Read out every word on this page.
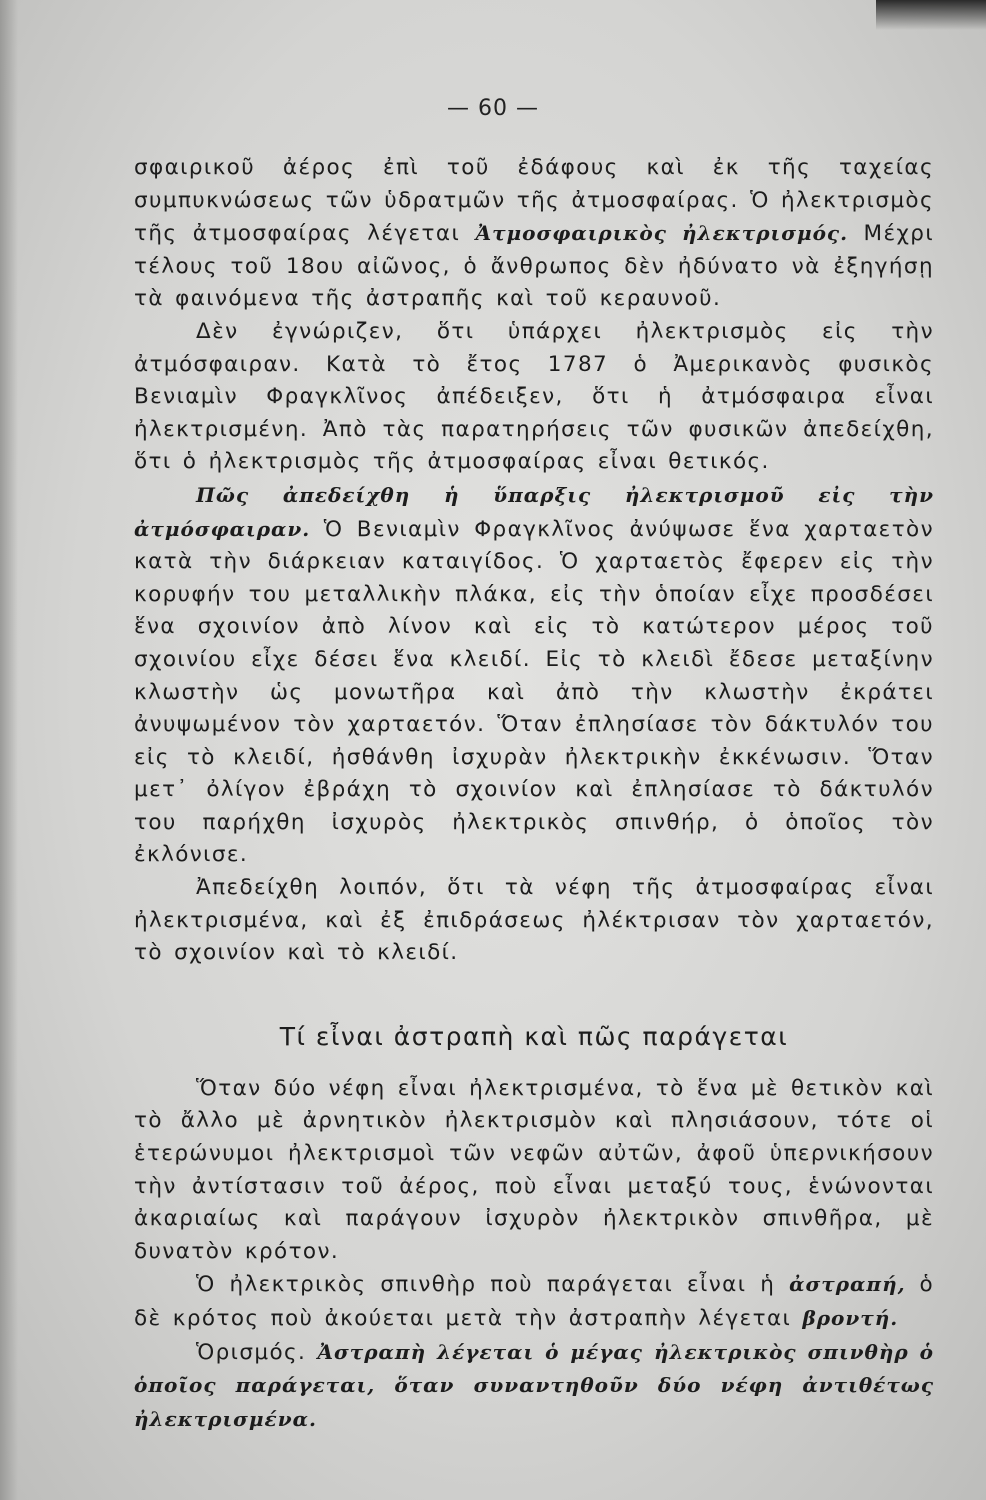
— 60 —

σφαιρικοῦ ἀέρος ἐπὶ τοῦ ἐδάφους καὶ ἐκ τῆς ταχείας συμπυκνώσεως τῶν ὑδρατμῶν τῆς ἀτμοσφαίρας. Ὁ ἠλεκτρισμὸς τῆς ἀτμοσφαίρας λέγεται Ἀτμοσφαιρικὸς ἠλεκτρισμός. Μέχρι τέλους τοῦ 18ου αἰῶνος, ὁ ἄνθρωπος δὲν ἠδύνατο νὰ ἐξηγήσῃ τὰ φαινόμενα τῆς ἀστραπῆς καὶ τοῦ κεραυνοῦ.

Δὲν ἐγνώριζεν, ὅτι ὑπάρχει ἠλεκτρισμὸς εἰς τὴν ἀτμόσφαιραν. Κατὰ τὸ ἔτος 1787 ὁ Ἀμερικανὸς φυσικὸς Βενιαμὶν Φραγκλῖνος ἀπέδειξεν, ὅτι ἡ ἀτμόσφαιρα εἶναι ἠλεκτρισμένη. Ἀπὸ τὰς παρατηρήσεις τῶν φυσικῶν ἀπεδείχθη, ὅτι ὁ ἠλεκτρισμὸς τῆς ἀτμοσφαίρας εἶναι θετικός.

Πῶς ἀπεδείχθη ἡ ὕπαρξις ἠλεκτρισμοῦ εἰς τὴν ἀτμόσφαιραν. Ὁ Βενιαμὶν Φραγκλῖνος ἀνύψωσε ἕνα χαρταετὸν κατὰ τὴν διάρκειαν καταιγίδος. Ὁ χαρταετὸς ἔφερεν εἰς τὴν κορυφήν του μεταλλικὴν πλάκα, εἰς τὴν ὁποίαν εἶχε προσδέσει ἕνα σχοινίον ἀπὸ λίνον καὶ εἰς τὸ κατώτερον μέρος τοῦ σχοινίου εἶχε δέσει ἕνα κλειδί. Εἰς τὸ κλειδὶ ἔδεσε μεταξίνην κλωστὴν ὡς μονωτῆρα καὶ ἀπὸ τὴν κλωστὴν ἐκράτει ἀνυψωμένον τὸν χαρταετόν. Ὅταν ἐπλησίασε τὸν δάκτυλόν του εἰς τὸ κλειδί, ἠσθάνθη ἰσχυρὰν ἠλεκτρικὴν ἐκκένωσιν. Ὅταν μετ᾽ ὀλίγον ἐβράχη τὸ σχοινίον καὶ ἐπλησίασε τὸ δάκτυλόν του παρήχθη ἰσχυρὸς ἠλεκτρικὸς σπινθήρ, ὁ ὁποῖος τὸν ἐκλόνισε.

Ἀπεδείχθη λοιπόν, ὅτι τὰ νέφη τῆς ἀτμοσφαίρας εἶναι ἠλεκτρισμένα, καὶ ἐξ ἐπιδράσεως ἠλέκτρισαν τὸν χαρταετόν, τὸ σχοινίον καὶ τὸ κλειδί.

Τί εἶναι ἀστραπὴ καὶ πῶς παράγεται

Ὅταν δύο νέφη εἶναι ἠλεκτρισμένα, τὸ ἕνα μὲ θετικὸν καὶ τὸ ἄλλο μὲ ἀρνητικὸν ἠλεκτρισμὸν καὶ πλησιάσουν, τότε οἱ ἑτερώνυμοι ἠλεκτρισμοὶ τῶν νεφῶν αὐτῶν, ἀφοῦ ὑπερνικήσουν τὴν ἀντίστασιν τοῦ ἀέρος, ποὺ εἶναι μεταξύ τους, ἑνώνονται ἀκαριαίως καὶ παράγουν ἰσχυρὸν ἠλεκτρικὸν σπινθῆρα, μὲ δυνατὸν κρότον.

Ὁ ἠλεκτρικὸς σπινθὴρ ποὺ παράγεται εἶναι ἡ ἀστραπή, ὁ δὲ κρότος ποὺ ἀκούεται μετὰ τὴν ἀστραπὴν λέγεται βροντή.

Ὁρισμός. Ἀστραπὴ λέγεται ὁ μέγας ἠλεκτρικὸς σπινθὴρ ὁ ὁποῖος παράγεται, ὅταν συναντηθοῦν δύο νέφη ἀντιθέτως ἠλεκτρισμένα.
